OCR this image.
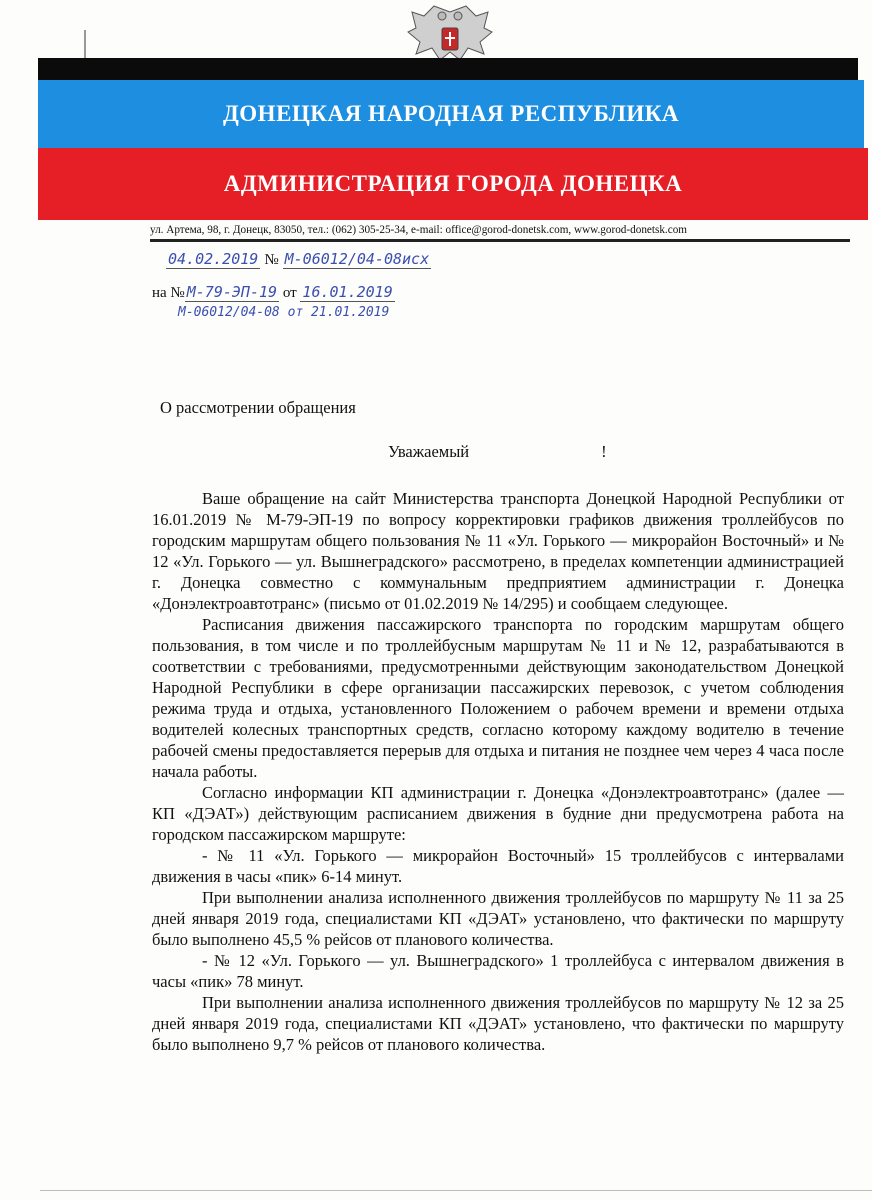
ДОНЕЦКАЯ НАРОДНАЯ РЕСПУБЛИКА
АДМИНИСТРАЦИЯ ГОРОДА ДОНЕЦКА
ул. Артема, 98, г. Донецк, 83050, тел.: (062) 305-25-34, e-mail: office@gorod-donetsk.com, www.gorod-donetsk.com
04.02.2019 № М-06012/04-08исх
на № М-79-ЭП-19 от 16.01.2019
М-06012/04-08 от 21.01.2019
О рассмотрении обращения
Уважаемый	!

Ваше обращение на сайт Министерства транспорта Донецкой Народной Республики от 16.01.2019 № М-79-ЭП-19 по вопросу корректировки графиков движения троллейбусов по городским маршрутам общего пользования № 11 «Ул. Горького — микрорайон Восточный» и № 12 «Ул. Горького — ул. Вышнеградского» рассмотрено, в пределах компетенции администрацией г. Донецка совместно с коммунальным предприятием администрации г. Донецка «Донэлектроавтотранс» (письмо от 01.02.2019 № 14/295) и сообщаем следующее.

Расписания движения пассажирского транспорта по городским маршрутам общего пользования, в том числе и по троллейбусным маршрутам № 11 и № 12, разрабатываются в соответствии с требованиями, предусмотренными действующим законодательством Донецкой Народной Республики в сфере организации пассажирских перевозок, с учетом соблюдения режима труда и отдыха, установленного Положением о рабочем времени и времени отдыха водителей колесных транспортных средств, согласно которому каждому водителю в течение рабочей смены предоставляется перерыв для отдыха и питания не позднее чем через 4 часа после начала работы.

Согласно информации КП администрации г. Донецка «Донэлектроавтотранс» (далее — КП «ДЭАТ») действующим расписанием движения в будние дни предусмотрена работа на городском пассажирском маршруте:

- № 11 «Ул. Горького — микрорайон Восточный» 15 троллейбусов с интервалами движения в часы «пик» 6-14 минут.

При выполнении анализа исполненного движения троллейбусов по маршруту № 11 за 25 дней января 2019 года, специалистами КП «ДЭАТ» установлено, что фактически по маршруту было выполнено 45,5 % рейсов от планового количества.

- № 12 «Ул. Горького — ул. Вышнеградского» 1 троллейбуса с интервалом движения в часы «пик» 78 минут.

При выполнении анализа исполненного движения троллейбусов по маршруту № 12 за 25 дней января 2019 года, специалистами КП «ДЭАТ» установлено, что фактически по маршруту было выполнено 9,7 % рейсов от планового количества.
